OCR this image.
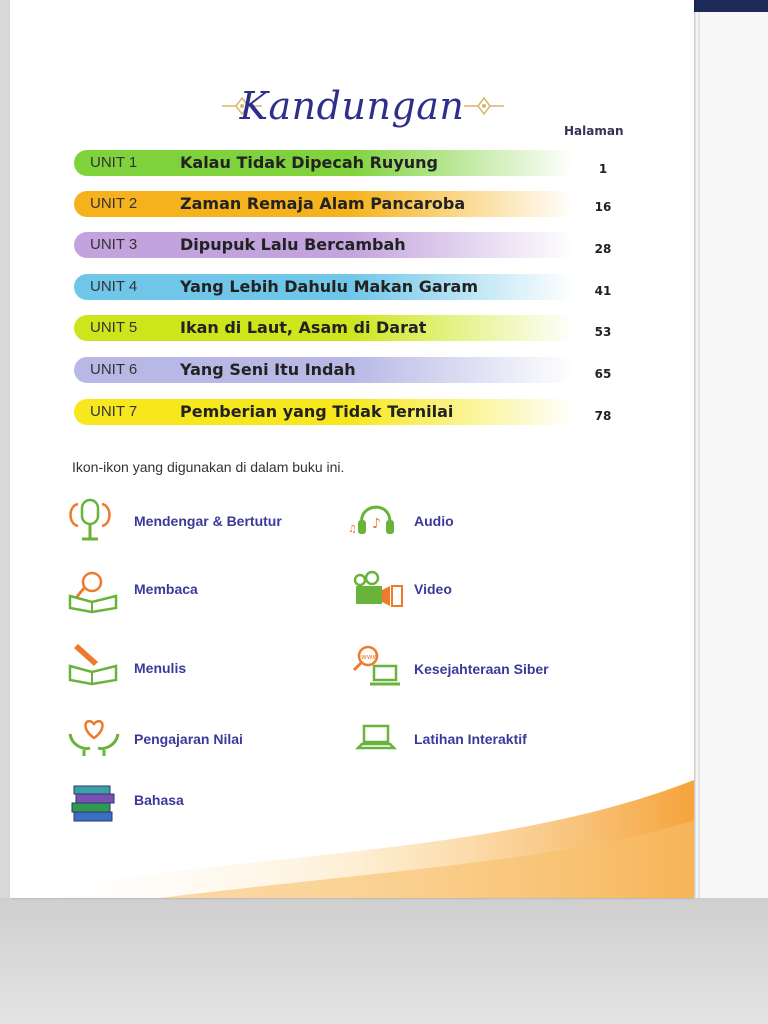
Kandungan
Halaman
UNIT 1	Kalau Tidak Dipecah Ruyung	1
UNIT 2	Zaman Remaja Alam Pancaroba	16
UNIT 3	Dipupuk Lalu Bercambah	28
UNIT 4	Yang Lebih Dahulu Makan Garam	41
UNIT 5	Ikan di Laut, Asam di Darat	53
UNIT 6	Yang Seni Itu Indah	65
UNIT 7	Pemberian yang Tidak Ternilai	78
Ikon-ikon yang digunakan di dalam buku ini.
Mendengar & Bertutur
Membaca
Menulis
Pengajaran Nilai
Bahasa
♪
♫
Audio
Video
www
Kesejahteraan Siber
Latihan Interaktif
